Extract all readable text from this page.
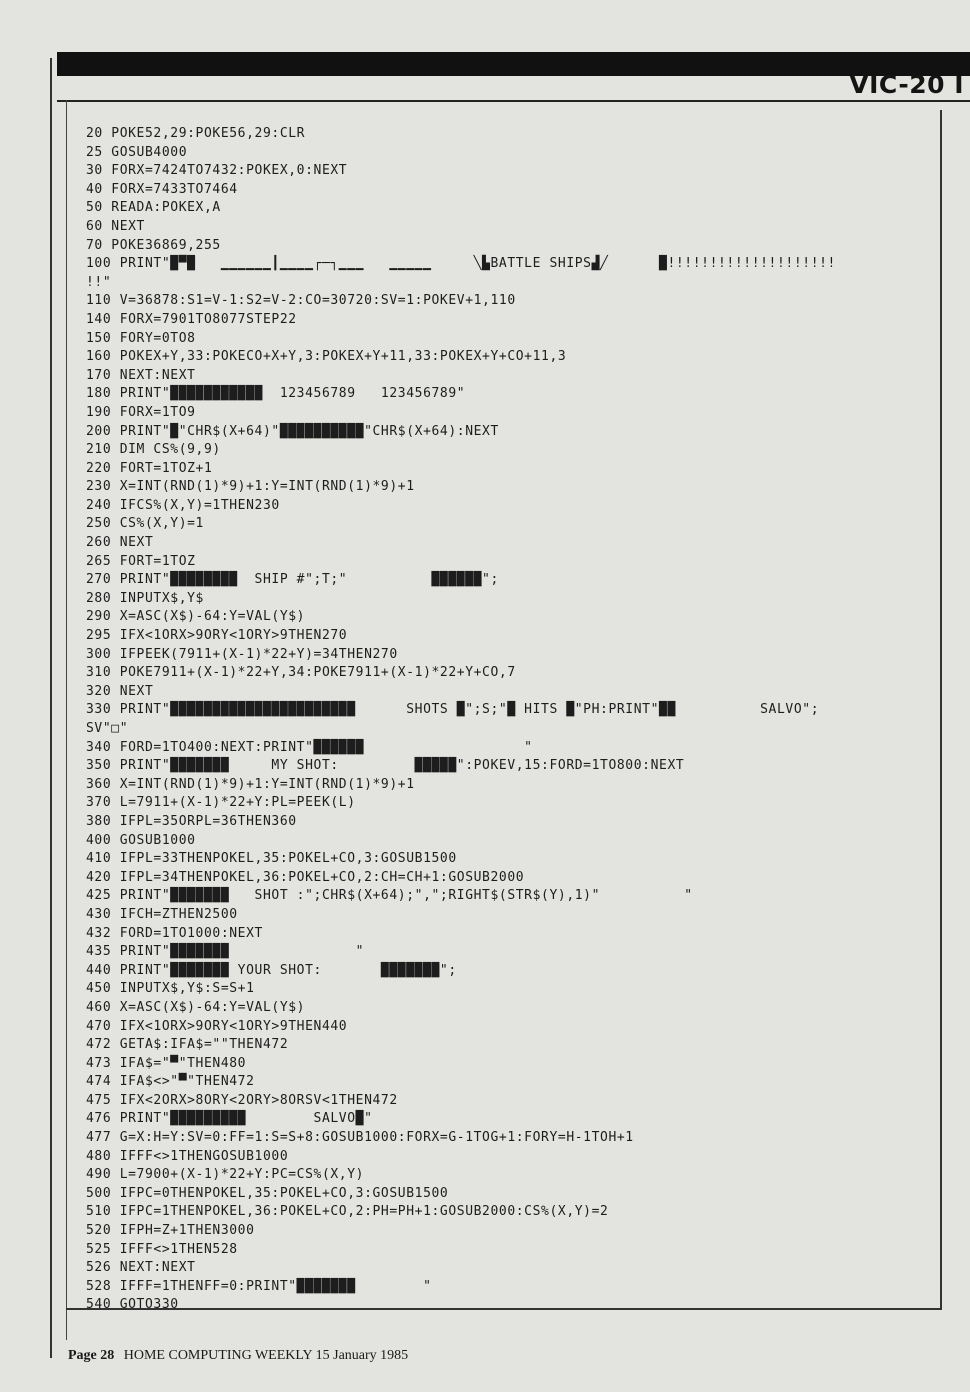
VIC-20 I
20 POKE52,29:POKE56,29:CLR
25 GOSUB4000
30 FORX=7424TO7432:POKEX,0:NEXT
40 FORX=7433TO7464
50 READA:POKEX,A
60 NEXT
70 POKE36869,255
100 PRINT"█▀█   ▁▁▁▁▁▁┃▁▁▁▁┌─┐▁▁▁   ▁▁▁▁▁     ╲▙BATTLE SHIPS▟╱      █!!!!!!!!!!!!!!!!!!!!
!!"
110 V=36878:S1=V-1:S2=V-2:CO=30720:SV=1:POKEV+1,110
140 FORX=7901TO8077STEP22
150 FORY=0TO8
160 POKEX+Y,33:POKECO+X+Y,3:POKEX+Y+11,33:POKEX+Y+CO+11,3
170 NEXT:NEXT
180 PRINT"███████████  123456789   123456789"
190 FORX=1TO9
200 PRINT"█"CHR$(X+64)"██████████"CHR$(X+64):NEXT
210 DIM CS%(9,9)
220 FORT=1TOZ+1
230 X=INT(RND(1)*9)+1:Y=INT(RND(1)*9)+1
240 IFCS%(X,Y)=1THEN230
250 CS%(X,Y)=1
260 NEXT
265 FORT=1TOZ
270 PRINT"████████  SHIP #";T;"          ██████";
280 INPUTX$,Y$
290 X=ASC(X$)-64:Y=VAL(Y$)
295 IFX<1ORX>9ORY<1ORY>9THEN270
300 IFPEEK(7911+(X-1)*22+Y)=34THEN270
310 POKE7911+(X-1)*22+Y,34:POKE7911+(X-1)*22+Y+CO,7
320 NEXT
330 PRINT"██████████████████████      SHOTS █";S;"█ HITS █"PH:PRINT"██          SALVO";
SV"□"
340 FORD=1TO400:NEXT:PRINT"██████                   "
350 PRINT"███████     MY SHOT:         █████":POKEV,15:FORD=1TO800:NEXT
360 X=INT(RND(1)*9)+1:Y=INT(RND(1)*9)+1
370 L=7911+(X-1)*22+Y:PL=PEEK(L)
380 IFPL=35ORPL=36THEN360
400 GOSUB1000
410 IFPL=33THENPOKEL,35:POKEL+CO,3:GOSUB1500
420 IFPL=34THENPOKEL,36:POKEL+CO,2:CH=CH+1:GOSUB2000
425 PRINT"███████   SHOT :";CHR$(X+64);",";RIGHT$(STR$(Y),1)"          "
430 IFCH=ZTHEN2500
432 FORD=1TO1000:NEXT
435 PRINT"███████               "
440 PRINT"███████ YOUR SHOT:       ███████";
450 INPUTX$,Y$:S=S+1
460 X=ASC(X$)-64:Y=VAL(Y$)
470 IFX<1ORX>9ORY<1ORY>9THEN440
472 GETA$:IFA$=""THEN472
473 IFA$="▀"THEN480
474 IFA$<>"▀"THEN472
475 IFX<2ORX>8ORY<2ORY>8ORSV<1THEN472
476 PRINT"█████████        SALVO█"
477 G=X:H=Y:SV=0:FF=1:S=S+8:GOSUB1000:FORX=G-1TOG+1:FORY=H-1TOH+1
480 IFFF<>1THENGOSUB1000
490 L=7900+(X-1)*22+Y:PC=CS%(X,Y)
500 IFPC=0THENPOKEL,35:POKEL+CO,3:GOSUB1500
510 IFPC=1THENPOKEL,36:POKEL+CO,2:PH=PH+1:GOSUB2000:CS%(X,Y)=2
520 IFPH=Z+1THEN3000
525 IFFF<>1THEN528
526 NEXT:NEXT
528 IFFF=1THENFF=0:PRINT"███████        "
540 GOTO330
Page 28 HOME COMPUTING WEEKLY 15 January 1985
